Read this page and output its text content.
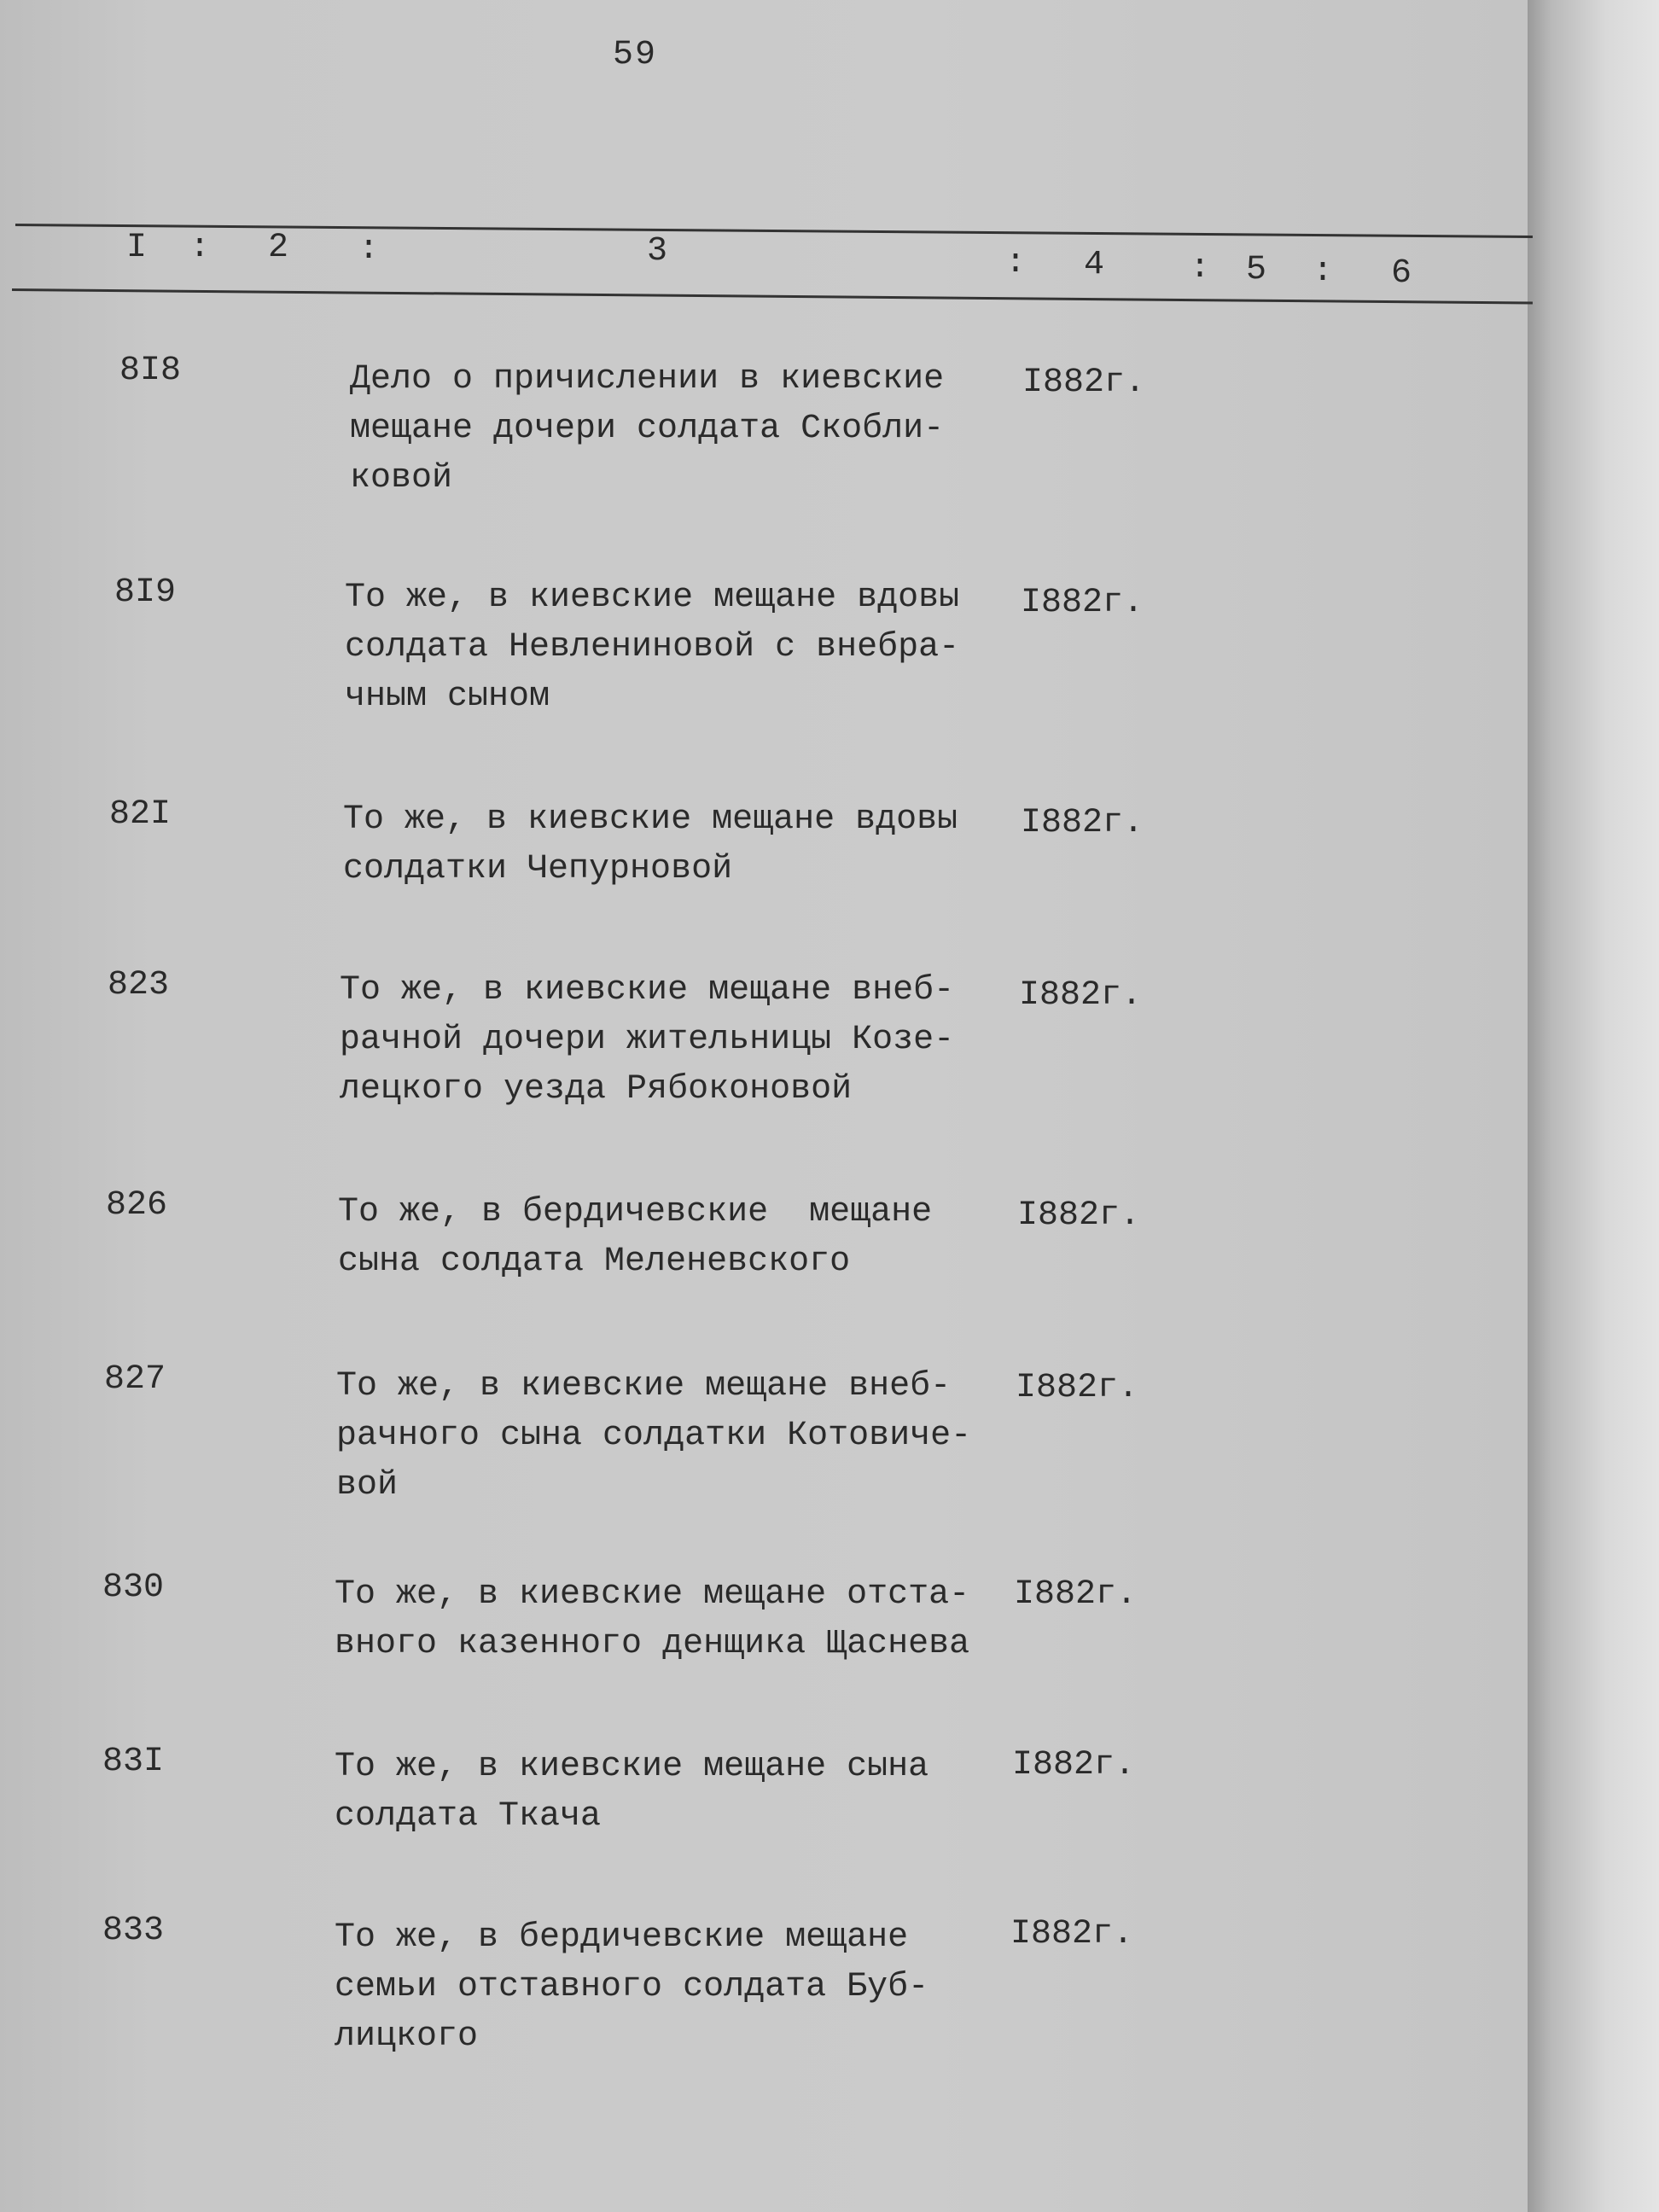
59
I : 2 :	3	: 4 : 5 : 6
8I8	Дело о причислении в киевские
мещане дочери солдата Скобли-
ковой
I882г.
8I9	То же, в киевские мещане вдовы
солдата Невлениновой с внебра-
чным сыном
I882г.
82I	То же, в киевские мещане вдовы
солдатки Чепурновой
I882г.
823	То же, в киевские мещане внеб-
рачной дочери жительницы Козе-
лецкого уезда Рябоконовой
I882г.
826	То же, в бердичевские  мещане
сына солдата Меленевского
I882г.
827	То же, в киевские мещане внеб-
рачного сына солдатки Котовиче-
вой
I882г.
830	То же, в киевские мещане отста-
вного казенного денщика Щаснева
I882г.
83I	То же, в киевские мещане сына
солдата Ткача
I882г.
833	То же, в бердичевские мещане
семьи отставного солдата Бyб-
лицкого
I882г.
